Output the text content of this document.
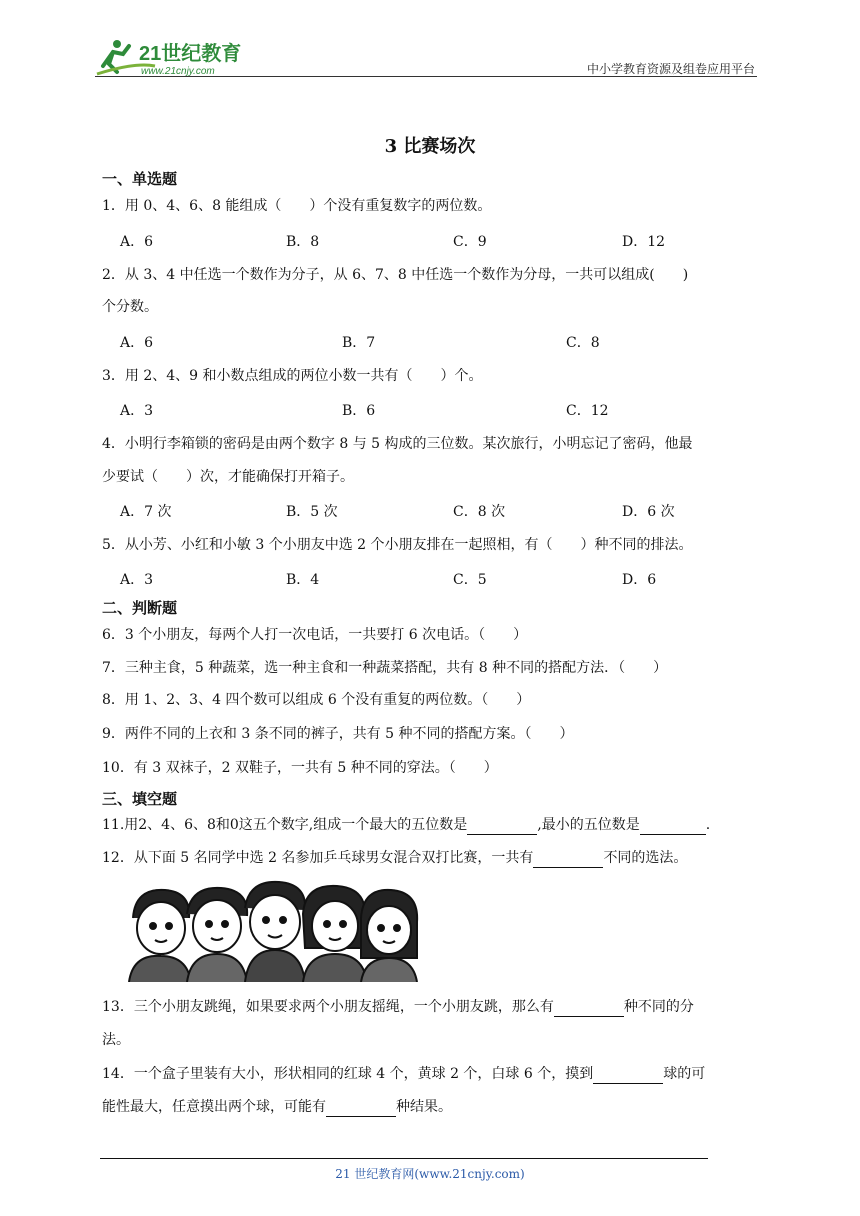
21世纪教育
www.21cnjy.com	中小学教育资源及组卷应用平台
3 比赛场次
一、单选题
1．用 0、4、6、8 能组成（　　）个没有重复数字的两位数。
A．6	B．8	C．9	D．12
2．从 3、4 中任选一个数作为分子，从 6、7、8 中任选一个数作为分母，一共可以组成(　　)
个分数。
A．6	B．7	C．8
3．用 2、4、9 和小数点组成的两位小数一共有（　　）个。
A．3	B．6	C．12
4．小明行李箱锁的密码是由两个数字 8 与 5 构成的三位数。某次旅行，小明忘记了密码，他最
少要试（　　）次，才能确保打开箱子。
A．7 次	B．5 次	C．8 次	D．6 次
5．从小芳、小红和小敏 3 个小朋友中选 2 个小朋友排在一起照相，有（　　）种不同的排法。
A．3	B．4	C．5	D．6
二、判断题
6．3 个小朋友，每两个人打一次电话，一共要打 6 次电话。（　　）
7．三种主食，5 种蔬菜，选一种主食和一种蔬菜搭配，共有 8 种不同的搭配方法．（　　）
8．用 1、2、3、4 四个数可以组成 6 个没有重复的两位数。（　　）
9．两件不同的上衣和 3 条不同的裤子，共有 5 种不同的搭配方案。（　　）
10．有 3 双袜子，2 双鞋子，一共有 5 种不同的穿法。（　　）
三、填空题
11.用2、4、6、8和0这五个数字,组成一个最大的五位数是	,最小的五位数是	.
12．从下面 5 名同学中选 2 名参加乒乓球男女混合双打比赛，一共有	不同的选法。
13．三个小朋友跳绳，如果要求两个小朋友摇绳，一个小朋友跳，那么有	种不同的分
法。
14．一个盒子里装有大小，形状相同的红球 4 个，黄球 2 个，白球 6 个，摸到	球的可
能性最大，任意摸出两个球，可能有	种结果。
21 世纪教育网(www.21cnjy.com)
